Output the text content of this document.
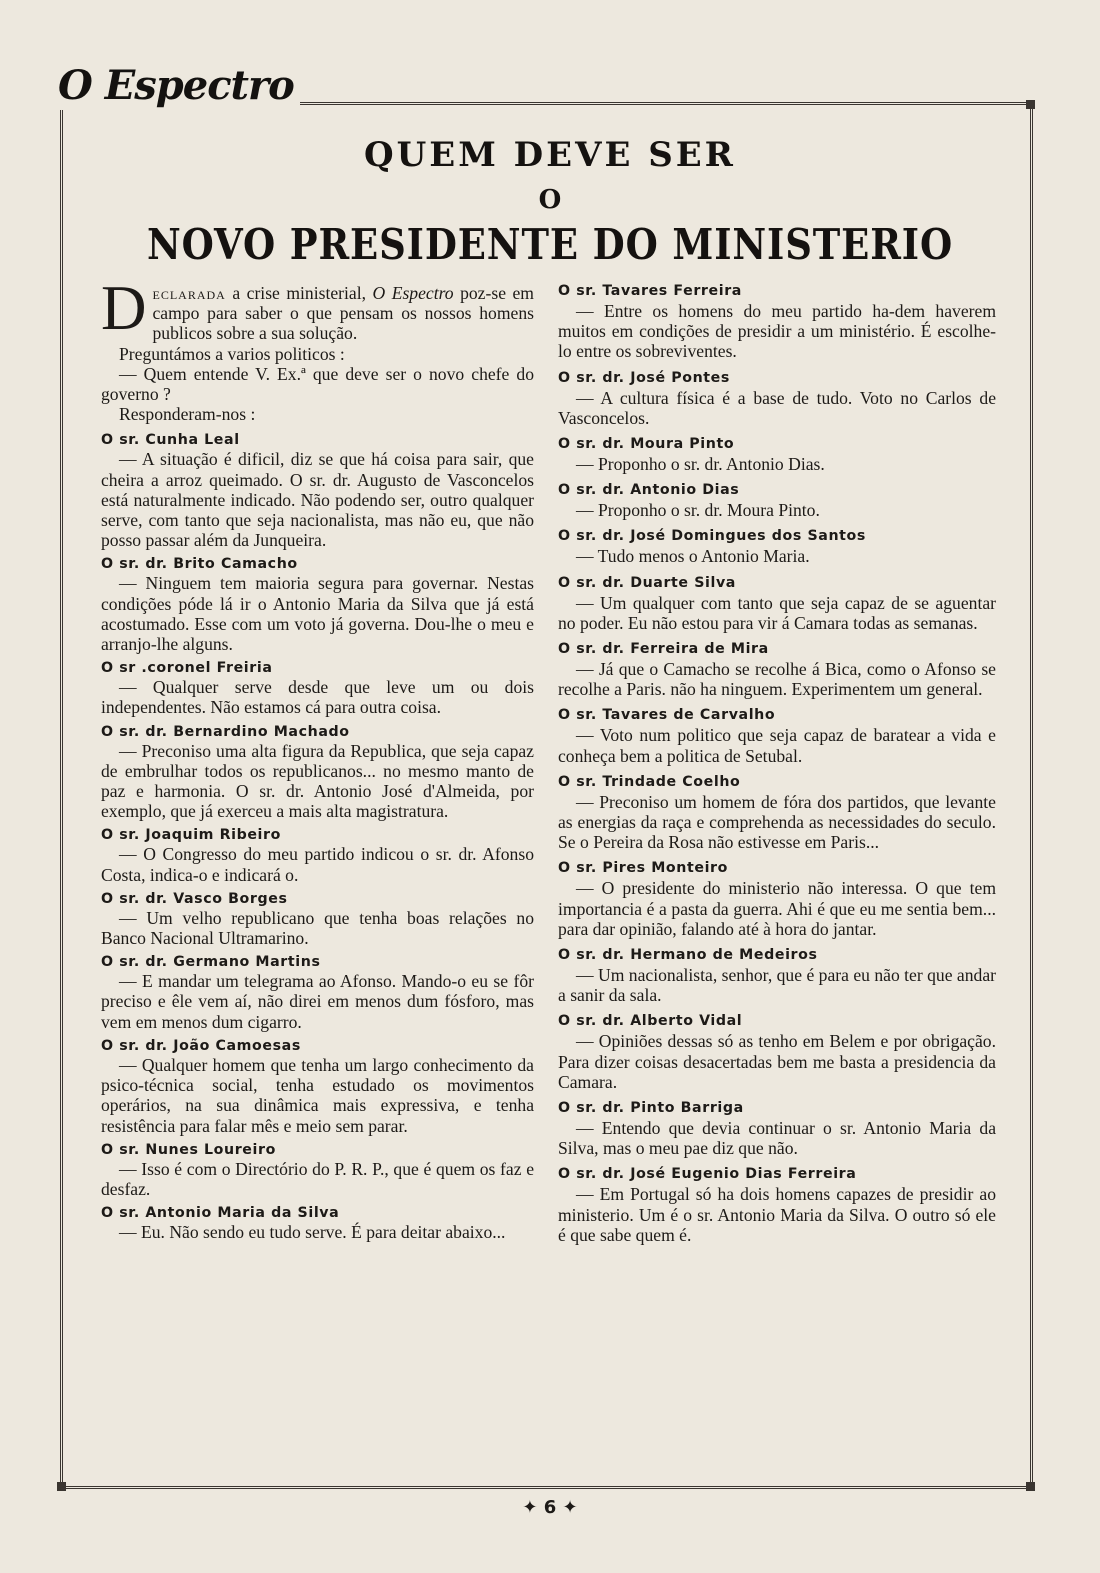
O Espectro
QUEM DEVE SER
O
NOVO PRESIDENTE DO MINISTERIO

Declarada a crise ministerial, O Espectro poz-se em campo para saber o que pensam os nossos homens publicos sobre a sua solução.

Preguntámos a varios politicos :

— Quem entende V. Ex.ª que deve ser o novo chefe do governo ?

Responderam-nos :

O sr. Cunha Leal

— A situação é dificil, diz se que há coisa para sair, que cheira a arroz queimado. O sr. dr. Augusto de Vasconcelos está naturalmente indicado. Não podendo ser, outro qualquer serve, com tanto que seja nacionalista, mas não eu, que não posso passar além da Junqueira.

O sr. dr. Brito Camacho

— Ninguem tem maioria segura para governar. Nestas condições póde lá ir o Antonio Maria da Silva que já está acostumado. Esse com um voto já governa. Dou-lhe o meu e arranjo-lhe alguns.

O sr .coronel Freiria

— Qualquer serve desde que leve um ou dois independentes. Não estamos cá para outra coisa.

O sr. dr. Bernardino Machado

— Preconiso uma alta figura da Republica, que seja capaz de embrulhar todos os republicanos... no mesmo manto de paz e harmonia. O sr. dr. Antonio José d'Almeida, por exemplo, que já exerceu a mais alta magistratura.

O sr. Joaquim Ribeiro

— O Congresso do meu partido indicou o sr. dr. Afonso Costa, indica-o e indicará o.

O sr. dr. Vasco Borges

— Um velho republicano que tenha boas relações no Banco Nacional Ultramarino.

O sr. dr. Germano Martins

— E mandar um telegrama ao Afonso. Mando-o eu se fôr preciso e êle vem aí, não direi em menos dum fósforo, mas vem em menos dum cigarro.

O sr. dr. João Camoesas

— Qualquer homem que tenha um largo conhecimento da psico-técnica social, tenha estudado os movimentos operários, na sua dinâmica mais expressiva, e tenha resistência para falar mês e meio sem parar.

O sr. Nunes Loureiro

— Isso é com o Directório do P. R. P., que é quem os faz e desfaz.

O sr. Antonio Maria da Silva

— Eu. Não sendo eu tudo serve. É para deitar abaixo...

O sr. Tavares Ferreira

— Entre os homens do meu partido ha-dem haverem muitos em condições de presidir a um ministério. É escolhe-lo entre os sobreviventes.

O sr. dr. José Pontes

— A cultura física é a base de tudo. Voto no Carlos de Vasconcelos.

O sr. dr. Moura Pinto

— Proponho o sr. dr. Antonio Dias.

O sr. dr. Antonio Dias

— Proponho o sr. dr. Moura Pinto.

O sr. dr. José Domingues dos Santos

— Tudo menos o Antonio Maria.

O sr. dr. Duarte Silva

— Um qualquer com tanto que seja capaz de se aguentar no poder. Eu não estou para vir á Camara todas as semanas.

O sr. dr. Ferreira de Mira

— Já que o Camacho se recolhe á Bica, como o Afonso se recolhe a Paris. não ha ninguem. Experimentem um general.

O sr. Tavares de Carvalho

— Voto num politico que seja capaz de baratear a vida e conheça bem a politica de Setubal.

O sr. Trindade Coelho

— Preconiso um homem de fóra dos partidos, que levante as energias da raça e comprehenda as necessidades do seculo. Se o Pereira da Rosa não estivesse em Paris...

O sr. Pires Monteiro

— O presidente do ministerio não interessa. O que tem importancia é a pasta da guerra. Ahi é que eu me sentia bem... para dar opinião, falando até à hora do jantar.

O sr. dr. Hermano de Medeiros

— Um nacionalista, senhor, que é para eu não ter que andar a sanir da sala.

O sr. dr. Alberto Vidal

— Opiniões dessas só as tenho em Belem e por obrigação. Para dizer coisas desacertadas bem me basta a presidencia da Camara.

O sr. dr. Pinto Barriga

— Entendo que devia continuar o sr. Antonio Maria da Silva, mas o meu pae diz que não.

O sr. dr. José Eugenio Dias Ferreira

— Em Portugal só ha dois homens capazes de presidir ao ministerio. Um é o sr. Antonio Maria da Silva. O outro só ele é que sabe quem é.

✦ 6 ✦
